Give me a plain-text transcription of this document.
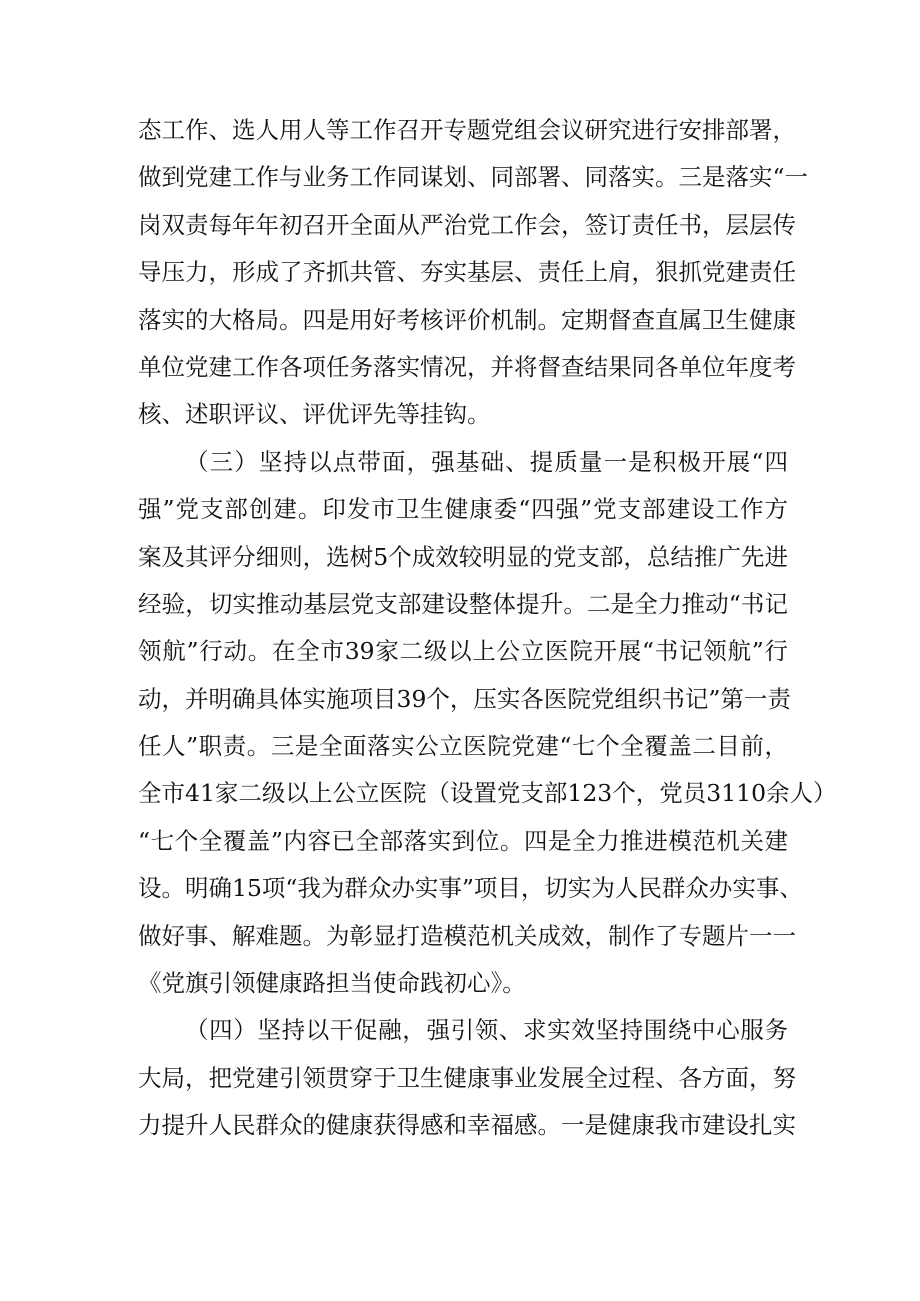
态工作、选人用人等工作召开专题党组会议研究进行安排部署，
做到党建工作与业务工作同谋划、同部署、同落实。三是落实“一
岗双责每年年初召开全面从严治党工作会，签订责任书，层层传
导压力，形成了齐抓共管、夯实基层、责任上肩，狠抓党建责任
落实的大格局。四是用好考核评价机制。定期督查直属卫生健康
单位党建工作各项任务落实情况，并将督查结果同各单位年度考
核、述职评议、评优评先等挂钩。
（三）坚持以点带面，强基础、提质量一是积极开展“四
强”党支部创建。印发市卫生健康委“四强”党支部建设工作方
案及其评分细则，选树5个成效较明显的党支部，总结推广先进
经验，切实推动基层党支部建设整体提升。二是全力推动“书记
领航”行动。在全市39家二级以上公立医院开展“书记领航”行
动，并明确具体实施项目39个，压实各医院党组织书记”第一责
任人”职责。三是全面落实公立医院党建“七个全覆盖二目前，
全市41家二级以上公立医院（设置党支部123个，党员3110余人）
“七个全覆盖”内容已全部落实到位。四是全力推进模范机关建
设。明确15项“我为群众办实事”项目，切实为人民群众办实事、
做好事、解难题。为彰显打造模范机关成效，制作了专题片一一
《党旗引领健康路担当使命践初心》。
（四）坚持以干促融，强引领、求实效坚持围绕中心服务
大局，把党建引领贯穿于卫生健康事业发展全过程、各方面，努
力提升人民群众的健康获得感和幸福感。一是健康我市建设扎实
